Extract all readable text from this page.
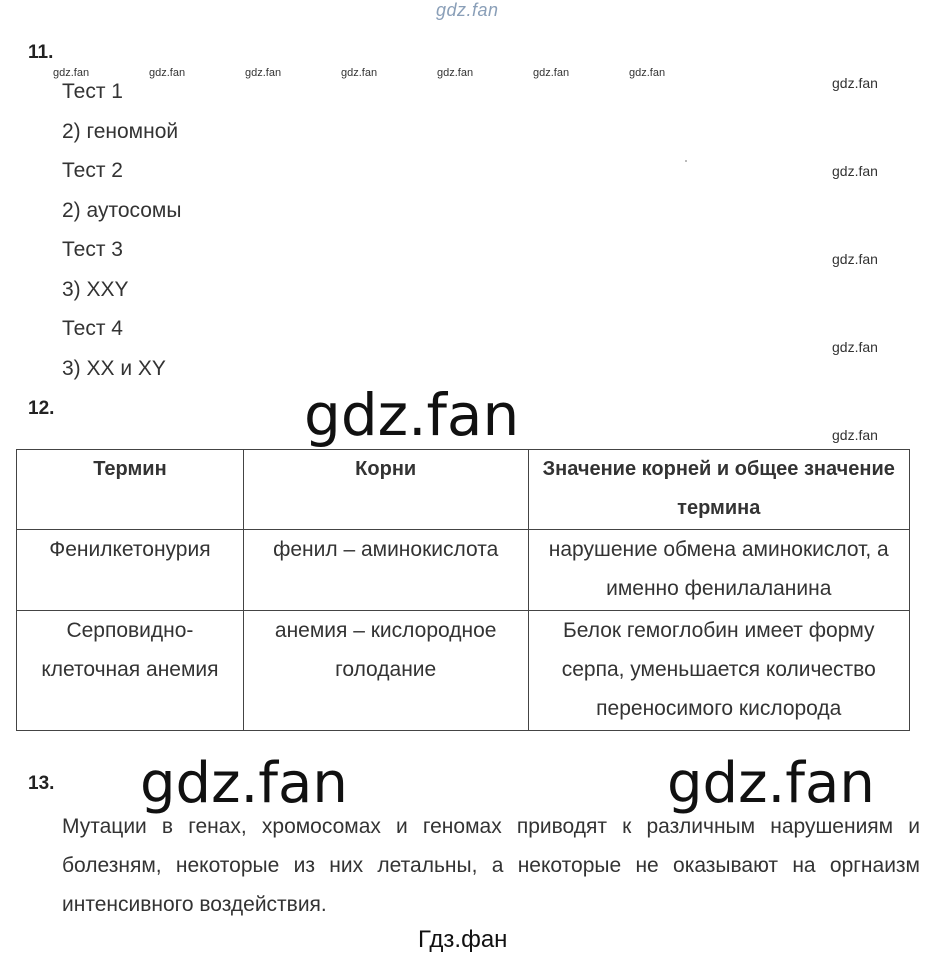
gdz.fan
11.
gdz.fan	gdz.fan	gdz.fan	gdz.fan	gdz.fan	gdz.fan	gdz.fan
gdz.fan
gdz.fan
gdz.fan
gdz.fan
gdz.fan
Тест 1
2) геномной
Тест 2
2) аутосомы
Тест 3
3) XXY
Тест 4
3) XX и XY
12.	gdz.fan
Термин	Корни	Значение корней и общее значение термина
Фенилкетонурия	фенил – аминокислота	нарушение обмена аминокислот, а именно фенилаланина
Серповидно-клеточная анемия	анемия – кислородное голодание	Белок гемоглобин имеет форму серпа, уменьшается количество переносимого кислорода
13. gdz.fan	gdz.fan
Мутации в генах, хромосомах и геномах приводят к различным нарушениям и болезням, некоторые из них летальны, а некоторые не оказывают на оргнаизм интенсивного воздействия.
Гдз.фан
